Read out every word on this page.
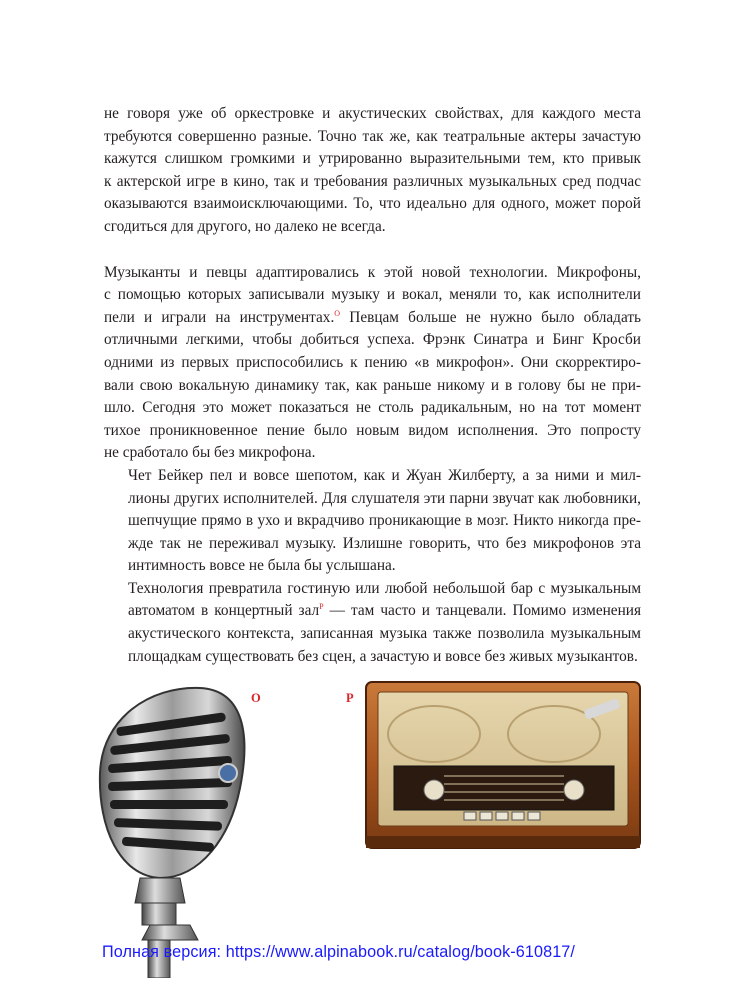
не говоря уже об оркестровке и акустических свойствах, для каждого места
требуются совершенно разные. Точно так же, как театральные актеры зачастую
кажутся слишком громкими и утрированно выразительными тем, кто привык
к актерской игре в кино, так и требования различных музыкальных сред подчас
оказываются взаимоисключающими. То, что идеально для одного, может порой
сгодиться для другого, но далеко не всегда.

Музыканты и певцы адаптировались к этой новой технологии. Микрофоны,
с помощью которых записывали музыку и вокал, меняли то, как исполнители
пели и играли на инструментах.$^O$ Певцам больше не нужно было обладать
отличными легкими, чтобы добиться успеха. Фрэнк Синатра и Бинг Кросби
одними из первых приспособились к пению «в микрофон». Они скорректиро-
вали свою вокальную динамику так, как раньше никому и в голову бы не при-
шло. Сегодня это может показаться не столь радикальным, но на тот момент
тихое проникновенное пение было новым видом исполнения. Это попросту
не сработало бы без микрофона.

Чет Бейкер пел и вовсе шепотом, как и Жуан Жилберту, а за ними и мил-
лионы других исполнителей. Для слушателя эти парни звучат как любовники,
шепчущие прямо в ухо и вкрадчиво проникающие в мозг. Никто никогда пре-
жде так не переживал музыку. Излишне говорить, что без микрофонов эта
интимность вовсе не была бы услышана.

Технология превратила гостиную или любой небольшой бар с музыкальным
автоматом в концертный зал$^P$ — там часто и танцевали. Помимо изменения
акустического контекста, записанная музыка также позволила музыкальным
площадкам существовать без сцен, а зачастую и вовсе без живых музыкантов.

O	P
Полная версия: https://www.alpinabook.ru/catalog/book-610817/
